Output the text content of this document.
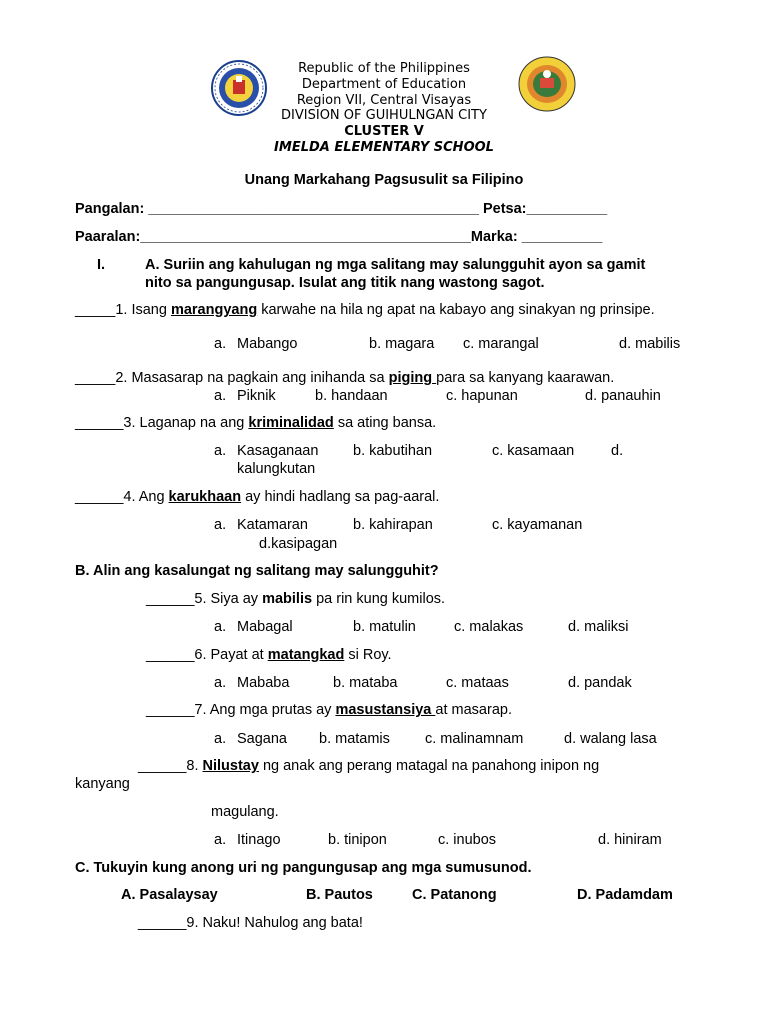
Republic of the Philippines
Department of Education
Region VII, Central Visayas
DIVISION OF GUIHULNGAN CITY
CLUSTER V
IMELDA ELEMENTARY SCHOOL
Unang Markahang Pagsusulit sa Filipino
Pangalan: _________________________________________ Petsa:__________
Paaralan:_________________________________________Marka: __________
I.	A. Suriin ang kahulugan ng mga salitang may salungguhit ayon sa gamit
nito sa pangungusap. Isulat ang titik nang wastong sagot.
_____1. Isang marangyang karwahe na hila ng apat na kabayo ang sinakyan ng prinsipe.
a. Mabango	b. magara c. marangal	d. mabilis
_____2. Masasarap na pagkain ang inihanda sa piging para sa kanyang kaarawan.
a. Piknik	b. handaan	c. hapunan	d. panauhin
______3. Laganap na ang kriminalidad sa ating bansa.
a. Kasaganaan b. kabutihan	c. kasamaan	d.
kalungkutan
______4. Ang karukhaan ay hindi hadlang sa pag-aaral.
a. Katamaran	b. kahirapan	c. kayamanan
d.kasipagan
B. Alin ang kasalungat ng salitang may salungguhit?
______5. Siya ay mabilis pa rin kung kumilos.
a. Mabagal	b. matulin	c. malakas	d. maliksi
______6. Payat at matangkad si Roy.
a. Mababa	b. mataba	c. mataas	d. pandak
______7. Ang mga prutas ay masustansiya at masarap.
a. Sagana b. matamis c. malinamnam	d. walang lasa
______8. Nilustay ng anak ang perang matagal na panahong inipon ng
kanyang
magulang.
a. Itinago	b. tinipon	c. inubos	d. hiniram
C. Tukuyin kung anong uri ng pangungusap ang mga sumusunod.
A. Pasalaysay	B. Pautos	C. Patanong	D. Padamdam
______9. Naku! Nahulog ang bata!
